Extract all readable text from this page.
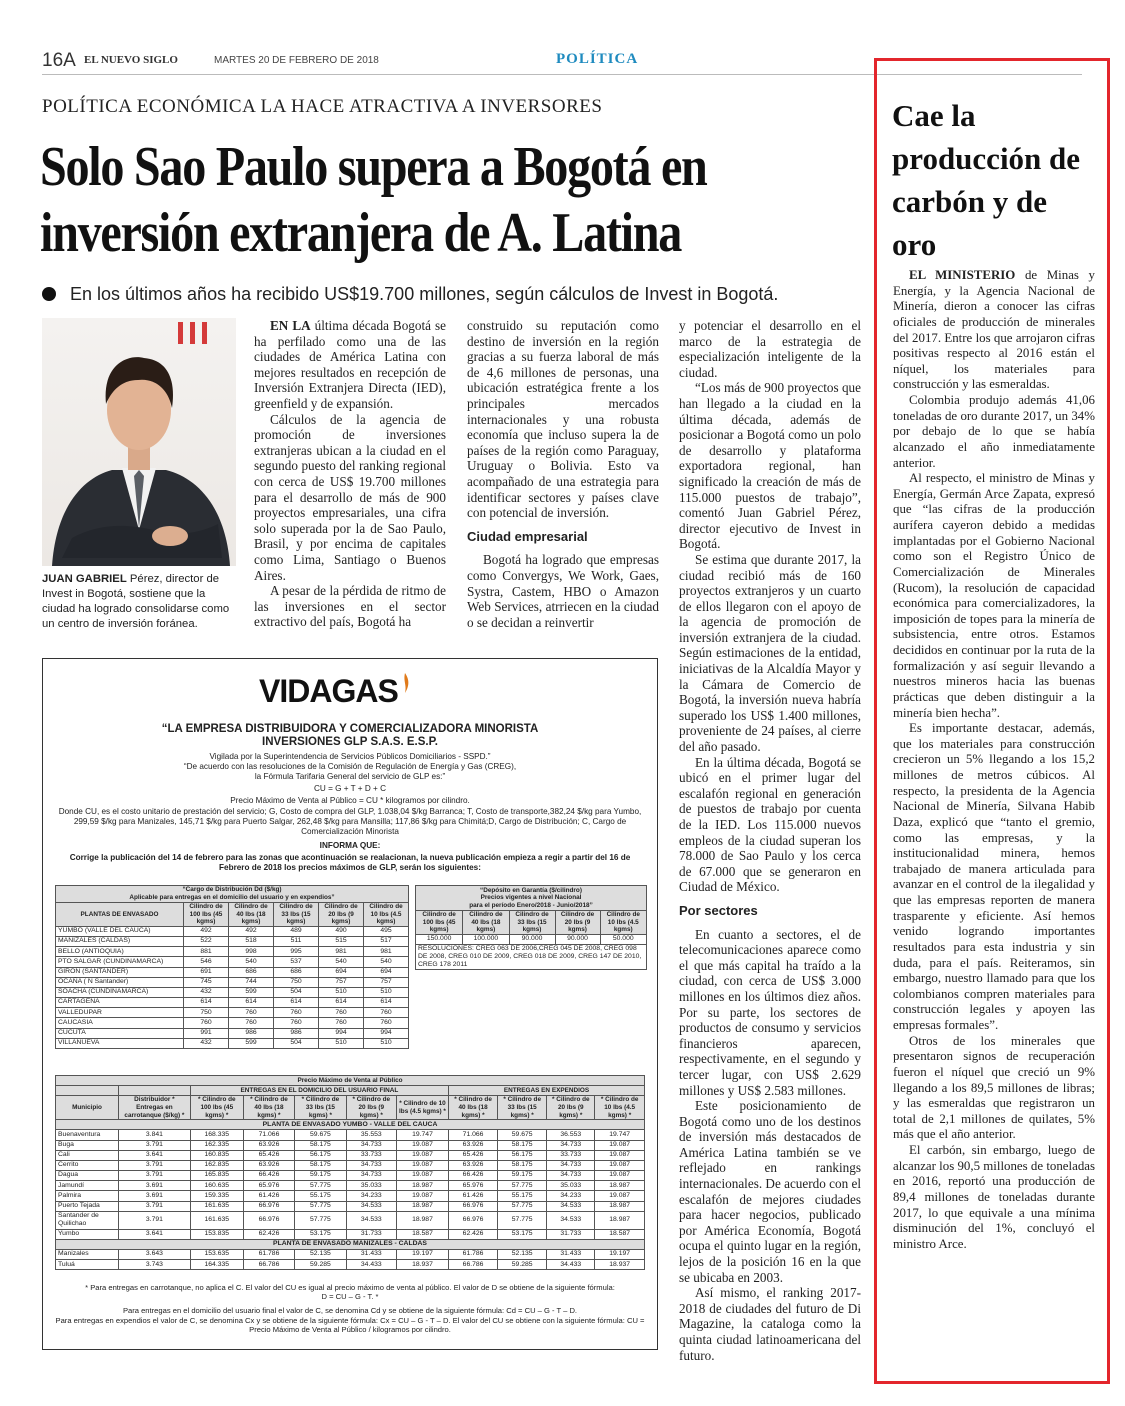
16A EL NUEVO SIGLO	MARTES 20 DE FEBRERO DE 2018	POLÍTICA
POLÍTICA ECONÓMICA LA HACE ATRACTIVA A INVERSORES
Solo Sao Paulo supera a Bogotá en inversión extranjera de A. Latina
En los últimos años ha recibido US$19.700 millones, según cálculos de Invest in Bogotá.
JUAN GABRIEL Pérez, director de Invest in Bogotá, sostiene que la ciudad ha logrado consolidarse como un centro de inversión foránea.

EN LA última década Bogotá se ha perfilado como una de las ciudades de América Latina con mejores resultados en recepción de Inversión Extranjera Directa (IED), greenfield y de expansión.

Cálculos de la agencia de promoción de inversiones extranjeras ubican a la ciudad en el segundo puesto del ranking regional con cerca de US$ 19.700 millones para el desarrollo de más de 900 proyectos empresariales, una cifra solo superada por la de Sao Paulo, Brasil, y por encima de capitales como Lima, Santiago o Buenos Aires.

A pesar de la pérdida de ritmo de las inversiones en el sector extractivo del país, Bogotá ha

construido su reputación como destino de inversión en la región gracias a su fuerza laboral de más de 4,6 millones de personas, una ubicación estratégica frente a los principales mercados internacionales y una robusta economía que incluso supera la de países de la región como Paraguay, Uruguay o Bolivia. Esto va acompañado de una estrategia para identificar sectores y países clave con potencial de inversión.

Ciudad empresarial

Bogotá ha logrado que empresas como Convergys, We Work, Gaes, Systra, Castem, HBO o Amazon Web Services, atrriecen en la ciudad o se decidan a reinvertir

y potenciar el desarrollo en el marco de la estrategia de especialización inteligente de la ciudad.

“Los más de 900 proyectos que han llegado a la ciudad en la última década, además de posicionar a Bogotá como un polo de desarrollo y plataforma exportadora regional, han significado la creación de más de 115.000 puestos de trabajo”, comentó Juan Gabriel Pérez, director ejecutivo de Invest in Bogotá.

Se estima que durante 2017, la ciudad recibió más de 160 proyectos extranjeros y un cuarto de ellos llegaron con el apoyo de la agencia de promoción de inversión extranjera de la ciudad. Según estimaciones de la entidad, iniciativas de la Alcaldía Mayor y la Cámara de Comercio de Bogotá, la inversión nueva habría superado los US$ 1.400 millones, proveniente de 24 países, al cierre del año pasado.

En la última década, Bogotá se ubicó en el primer lugar del escalafón regional en generación de puestos de trabajo por cuenta de la IED. Los 115.000 nuevos empleos de la ciudad superan los 78.000 de Sao Paulo y los cerca de 67.000 que se generaron en Ciudad de México.

Por sectores

En cuanto a sectores, el de telecomunicaciones aparece como el que más capital ha traído a la ciudad, con cerca de US$ 3.000 millones en los últimos diez años. Por su parte, los sectores de productos de consumo y servicios financieros aparecen, respectivamente, en el segundo y tercer lugar, con US$ 2.629 millones y US$ 2.583 millones.

Este posicionamiento de Bogotá como uno de los destinos de inversión más destacados de América Latina también se ve reflejado en rankings internacionales. De acuerdo con el escalafón de mejores ciudades para hacer negocios, publicado por América Economía, Bogotá ocupa el quinto lugar en la región, lejos de la posición 16 en la que se ubicaba en 2003.

Así mismo, el ranking 2017-2018 de ciudades del futuro de Di Magazine, la cataloga como la quinta ciudad latinoamericana del futuro.

Cae la producción de carbón y de oro

EL MINISTERIO de Minas y Energía, y la Agencia Nacional de Minería, dieron a conocer las cifras oficiales de producción de minerales del 2017. Entre los que arrojaron cifras positivas respecto al 2016 están el níquel, los materiales para construcción y las esmeraldas.

Colombia produjo además 41,06 toneladas de oro durante 2017, un 34% por debajo de lo que se había alcanzado el año inmediatamente anterior.

Al respecto, el ministro de Minas y Energía, Germán Arce Zapata, expresó que “las cifras de la producción aurífera cayeron debido a medidas implantadas por el Gobierno Nacional como son el Registro Único de Comercialización de Minerales (Rucom), la resolución de capacidad económica para comercializadores, la imposición de topes para la minería de subsistencia, entre otros. Estamos decididos en continuar por la ruta de la formalización y así seguir llevando a nuestros mineros hacia las buenas prácticas que deben distinguir a la minería bien hecha”.

Es importante destacar, además, que los materiales para construcción crecieron un 5% llegando a los 15,2 millones de metros cúbicos. Al respecto, la presidenta de la Agencia Nacional de Minería, Silvana Habib Daza, explicó que “tanto el gremio, como las empresas, y la institucionalidad minera, hemos trabajado de manera articulada para avanzar en el control de la ilegalidad y que las empresas reporten de manera trasparente y eficiente. Así hemos venido logrando importantes resultados para esta industria y sin duda, para el país. Reiteramos, sin embargo, nuestro llamado para que los colombianos compren materiales para construcción legales y apoyen las empresas formales”.

Otros de los minerales que presentaron signos de recuperación fueron el níquel que creció un 9% llegando a los 89,5 millones de libras; y las esmeraldas que registraron un total de 2,1 millones de quilates, 5% más que el año anterior.

El carbón, sin embargo, luego de alcanzar los 90,5 millones de toneladas en 2016, reportó una producción de 89,4 millones de toneladas durante 2017, lo que equivale a una mínima disminución del 1%, concluyó el ministro Arce.

VIDAGAS
“LA EMPRESA DISTRIBUIDORA Y COMERCIALIZADORA MINORISTA
INVERSIONES GLP S.A.S. E.S.P.
Vigilada por la Superintendencia de Servicios Públicos Domiciliarios - SSPD.”
“De acuerdo con las resoluciones de la Comisión de Regulación de Energía y Gas (CREG),
la Fórmula Tarifaria General del servicio de GLP es:”
CU = G + T + D + C
Precio Máximo de Venta al Público = CU * kilogramos por cilindro.
Donde CU, es el costo unitario de prestación del servicio; G, Costo de compra del GLP, 1.038,04 $/kg Barranca; T, Costo de transporte,382,24 $/kg para Yumbo, 299,59 $/kg para Manizales, 145,71 $/kg para Puerto Salgar, 262,48 $/kg para Mansilla; 117,86 $/kg para Chimitá;D, Cargo de Distribución; C, Cargo de Comercialización Minorista
INFORMA QUE:
Corrige la publicación del 14 de febrero para las zonas que acontinuación se realacionan, la nueva publicación empieza a regir a partir del 16 de Febrero de 2018 los precios máximos de GLP, serán los siguientes:
“Cargo de Distribución Dd ($/kg)
Aplicable para entregas en el domicilio del usuario y en expendios”					
PLANTAS DE ENVASADO	Cilindro de 100 lbs (45 kgms)	Cilindro de 40 lbs (18 kgms)	Cilindro de 33 lbs (15 kgms)	Cilindro de 20 lbs (9 kgms)	Cilindro de 10 lbs (4.5 kgms)
YUMBO (VALLE DEL CAUCA)	492	492	489	490	495
MANIZALES (CALDAS)	522	518	511	515	517
BELLO (ANTIOQUIA)	881	998	995	981	981
PTO SALGAR (CUNDINAMARCA)	546	540	537	540	540
GIRON (SANTANDER)	691	686	686	694	694
OCAÑA ( N Santander)	745	744	750	757	757
SOACHA (CUNDINAMARCA)	432	599	504	510	510
CARTAGENA	614	614	614	614	614
VALLEDUPAR	750	760	760	760	760
CAUCASIA	760	760	760	760	760
CUCUTA	991	986	986	994	994
VILLANUEVA	432	599	504	510	510
“Depósito en Garantía ($/cilindro)
Precios vigentes a nivel Nacional
para el período Enero/2018 - Junio/2018”				
Cilindro de 100 lbs (45 kgms)	Cilindro de 40 lbs (18 kgms)	Cilindro de 33 lbs (15 kgms)	Cilindro de 20 lbs (9 kgms)	Cilindro de 10 lbs (4.5 kgms)
150.000	100.000	90.000	90.000	50.000
RESOLUCIONES: CREG 063 DE 2006,CREG 045 DE 2008, CREG 098 DE 2008, CREG 010 DE 2009, CREG 018 DE 2009, CREG 147 DE 2010, CREG 178 2011				
Precio Máximo de Venta al Público										
		ENTREGAS EN EL DOMICILIO DEL USUARIO FINAL					ENTREGAS EN EXPENDIOS			
Municipio	Distribuidor * Entregas en carrotanque ($/kg) *	* Cilindro de 100 lbs (45 kgms) *	* Cilindro de 40 lbs (18 kgms) *	* Cilindro de 33 lbs (15 kgms) *	* Cilindro de 20 lbs (9 kgms) *	* Cilindro de 10 lbs (4.5 kgms) *	* Cilindro de 40 lbs (18 kgms) *	* Cilindro de 33 lbs (15 kgms) *	* Cilindro de 20 lbs (9 kgms) *	* Cilindro de 10 lbs (4.5 kgms) *
PLANTA DE ENVASADO YUMBO - VALLE DEL CAUCA										
Buenaventura	3.841	168.335	71.066	59.675	35.553	19.747	71.066	59.675	36.553	19.747
Buga	3.791	162.335	63.926	58.175	34.733	19.087	63.926	58.175	34.733	19.087
Cali	3.641	160.835	65.426	56.175	33.733	19.087	65.426	56.175	33.733	19.087
Cerrito	3.791	162.835	63.926	58.175	34.733	19.087	63.926	58.175	34.733	19.087
Dagua	3.791	165.835	66.426	59.175	34.733	19.087	66.426	59.175	34.733	19.087
Jamundí	3.691	160.635	65.976	57.775	35.033	18.987	65.976	57.775	35.033	18.987
Palmira	3.691	159.335	61.426	55.175	34.233	19.087	61.426	55.175	34.233	19.087
Puerto Tejada	3.791	161.635	66.976	57.775	34.533	18.987	66.976	57.775	34.533	18.987
Santander de Quilichao	3.791	161.635	66.976	57.775	34.533	18.987	66.976	57.775	34.533	18.987
Yumbo	3.641	153.835	62.426	53.175	31.733	18.587	62.426	53.175	31.733	18.587
PLANTA DE ENVASADO MANIZALES - CALDAS										
Manizales	3.643	153.635	61.786	52.135	31.433	19.197	61.786	52.135	31.433	19.197
Tuluá	3.743	164.335	66.786	59.285	34.433	18.937	66.786	59.285	34.433	18.937
* Para entregas en carrotanque, no aplica el C. El valor del CU es igual al precio máximo de venta al público. El valor de D se obtiene de la siguiente fórmula:
D = CU – G - T. *
Para entregas en el domicilio del usuario final el valor de C, se denomina Cd y se obtiene de la siguiente fórmula: Cd = CU – G - T – D.
Para entregas en expendios el valor de C, se denomina Cx y se obtiene de la siguiente fórmula: Cx = CU – G - T – D. El valor del CU se obtiene con la siguiente fórmula: CU = Precio Máximo de Venta al Público / kilogramos por cilindro.
